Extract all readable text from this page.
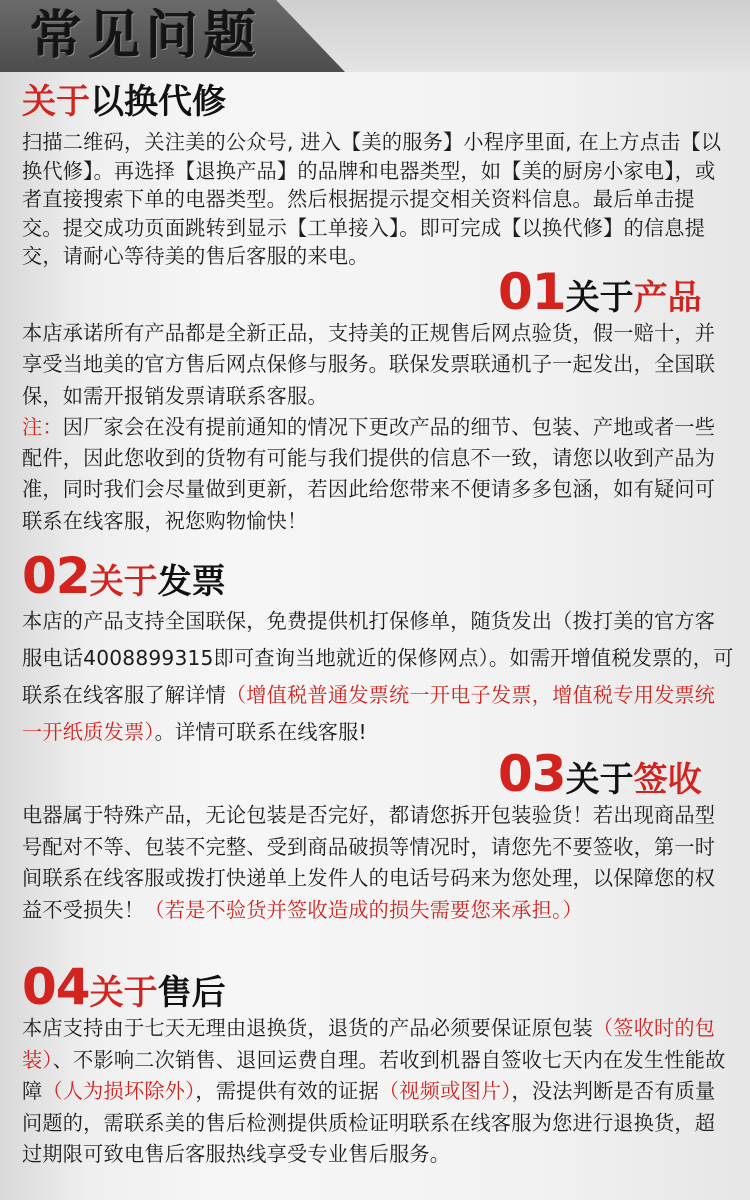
常见问题
关于以换代修

扫描二维码，关注美的公众号, 进入【美的服务】小程序里面, 在上方点击【以换代修】。再选择【退换产品】的品牌和电器类型，如【美的厨房小家电】，或者直接搜索下单的电器类型。然后根据提示提交相关资料信息。最后单击提交。提交成功页面跳转到显示【工单接入】。即可完成【以换代修】的信息提交，请耐心等待美的售后客服的来电。

01关于产品

本店承诺所有产品都是全新正品，支持美的正规售后网点验货，假一赔十，并享受当地美的官方售后网点保修与服务。联保发票联通机子一起发出，全国联保，如需开报销发票请联系客服。

注：因厂家会在没有提前通知的情况下更改产品的细节、包装、产地或者一些配件，因此您收到的货物有可能与我们提供的信息不一致，请您以收到产品为准，同时我们会尽量做到更新，若因此给您带来不便请多多包涵，如有疑问可联系在线客服，祝您购物愉快！

02关于发票

本店的产品支持全国联保，免费提供机打保修单，随货发出（拨打美的官方客服电话4008899315即可查询当地就近的保修网点）。如需开增值税发票的，可联系在线客服了解详情（增值税普通发票统一开电子发票，增值税专用发票统一开纸质发票）。详情可联系在线客服!

03关于签收

电器属于特殊产品，无论包装是否完好，都请您拆开包装验货！若出现商品型号配对不等、包装不完整、受到商品破损等情况时，请您先不要签收，第一时间联系在线客服或拨打快递单上发件人的电话号码来为您处理，以保障您的权益不受损失！（若是不验货并签收造成的损失需要您来承担。）

04关于售后

本店支持由于七天无理由退换货，退货的产品必须要保证原包装（签收时的包装）、不影响二次销售、退回运费自理。若收到机器自签收七天内在发生性能故障（人为损坏除外），需提供有效的证据（视频或图片），没法判断是否有质量问题的，需联系美的售后检测提供质检证明联系在线客服为您进行退换货，超过期限可致电售后客服热线享受专业售后服务。
